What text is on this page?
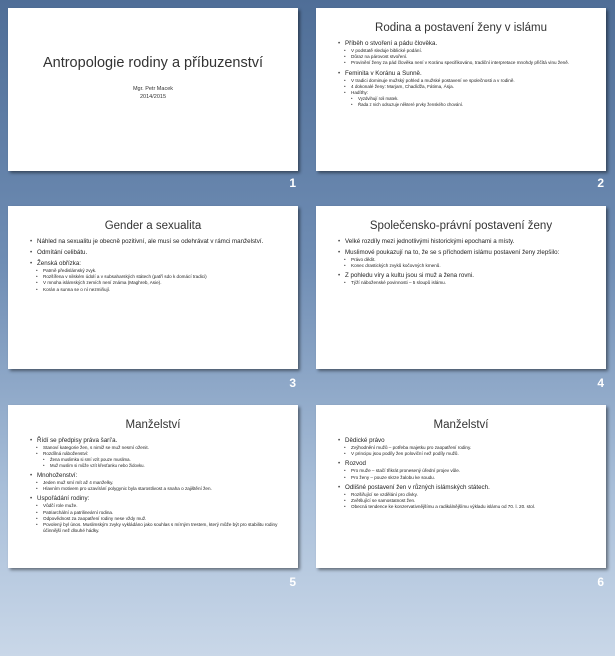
Antropologie rodiny a příbuzenství
Mgr. Petr Macek
2014/2015
1
Rodina a postavení ženy v islámu
• Příběh o stvoření a pádu člověka.
• V podstatě sleduje biblické podání.
• Důraz na párovost stvoření.
• Provinění ženy za pád člověka není v Koránu specifikováno, tradiční interpretace mnohdy přičítá vinu ženě.
• Feminita v Koránu a Sunně.
• V tradici dominuje mužský pohled a mužské postavení ve společnosti a v rodině.
• 4 dokonalé ženy: Marjam, Chadídža, Fátima, Ásja.
• Hadíthy:
• Vyzdvihují roli matek.
• Řada z nich odsuzuje některé prvky ženského chování.
2
Gender a sexualita
• Náhled na sexualitu je obecně pozitivní, ale musí se odehrávat v rámci manželství.
• Odmítání celibátu.
• Ženská obřízka:
• Patrně předislámský zvyk.
• Rozšířena v nilském údolí a v subsaharských státech (patří sdo k domácí tradici)
• V mnoha islámských zemích není známa (Maghreb, Asie).
• Korán a sunna se o ní nezmiňují.
3
Společensko-právní postavení ženy
• Velké rozdíly mezi jednotlivými historickými epochami a místy.
• Muslimové poukazují na to, že se s příchodem islámu postavení ženy zlepšilo:
• Právo dědit.
• Konec drastických zvyků kočovných kmenů.
• Z pohledu víry a kultu jsou si muž a žena rovni.
• Týží náboženské povinnosti – 5 sloupů islámu.
4
Manželství
• Řídí se předpisy práva šarí'a.
• Stanoví kategorie žen, s nimiž se muž nesmí oženit.
• Rozdílná náboženství:
• Žena muslimka si smí vzít pouze muslima.
• Muž muslim si může vzít křesťanku nebo židovku.
• Mnohoženství:
• Jeden muž smí mít až 4 manželky.
• Hlavním motivem pro uzavírání polygynic byla starostlivost a snaha o zajištění žen.
• Uspořádání rodiny:
• Vůdčí role muže.
• Patriarchální a patrilineární rodina.
• Odpovědnost za zaopatření rodiny nese vždy muž.
• Povolený byl únos. Muslimským zvyky vykládáno jako souhlas s mírným trestem, který může být pro stabilitu rodiny účinnější než dlouhé hádky.
5
Manželství
• Dědické právo
• Zvýhodnění mužů – potřeba majetku pro zaopatření rodiny.
• V principu jsou podíly žen poloviční než podíly mužů.
• Rozvod
• Pro muže – stačí třikrát pronesený úřední projev vůle.
• Pro ženy – pouze skrze žalobu ke soudu.
• Odlišné postavení žen v různých islámských státech.
• Rozšiřující se vzdělání pro dívky.
• Zvětšující se samostatnost žen.
• Obecná tendence ke konzervativnějšímu a radikálnějšímu výkladu islámu od 70. l. 20. stol.
6
